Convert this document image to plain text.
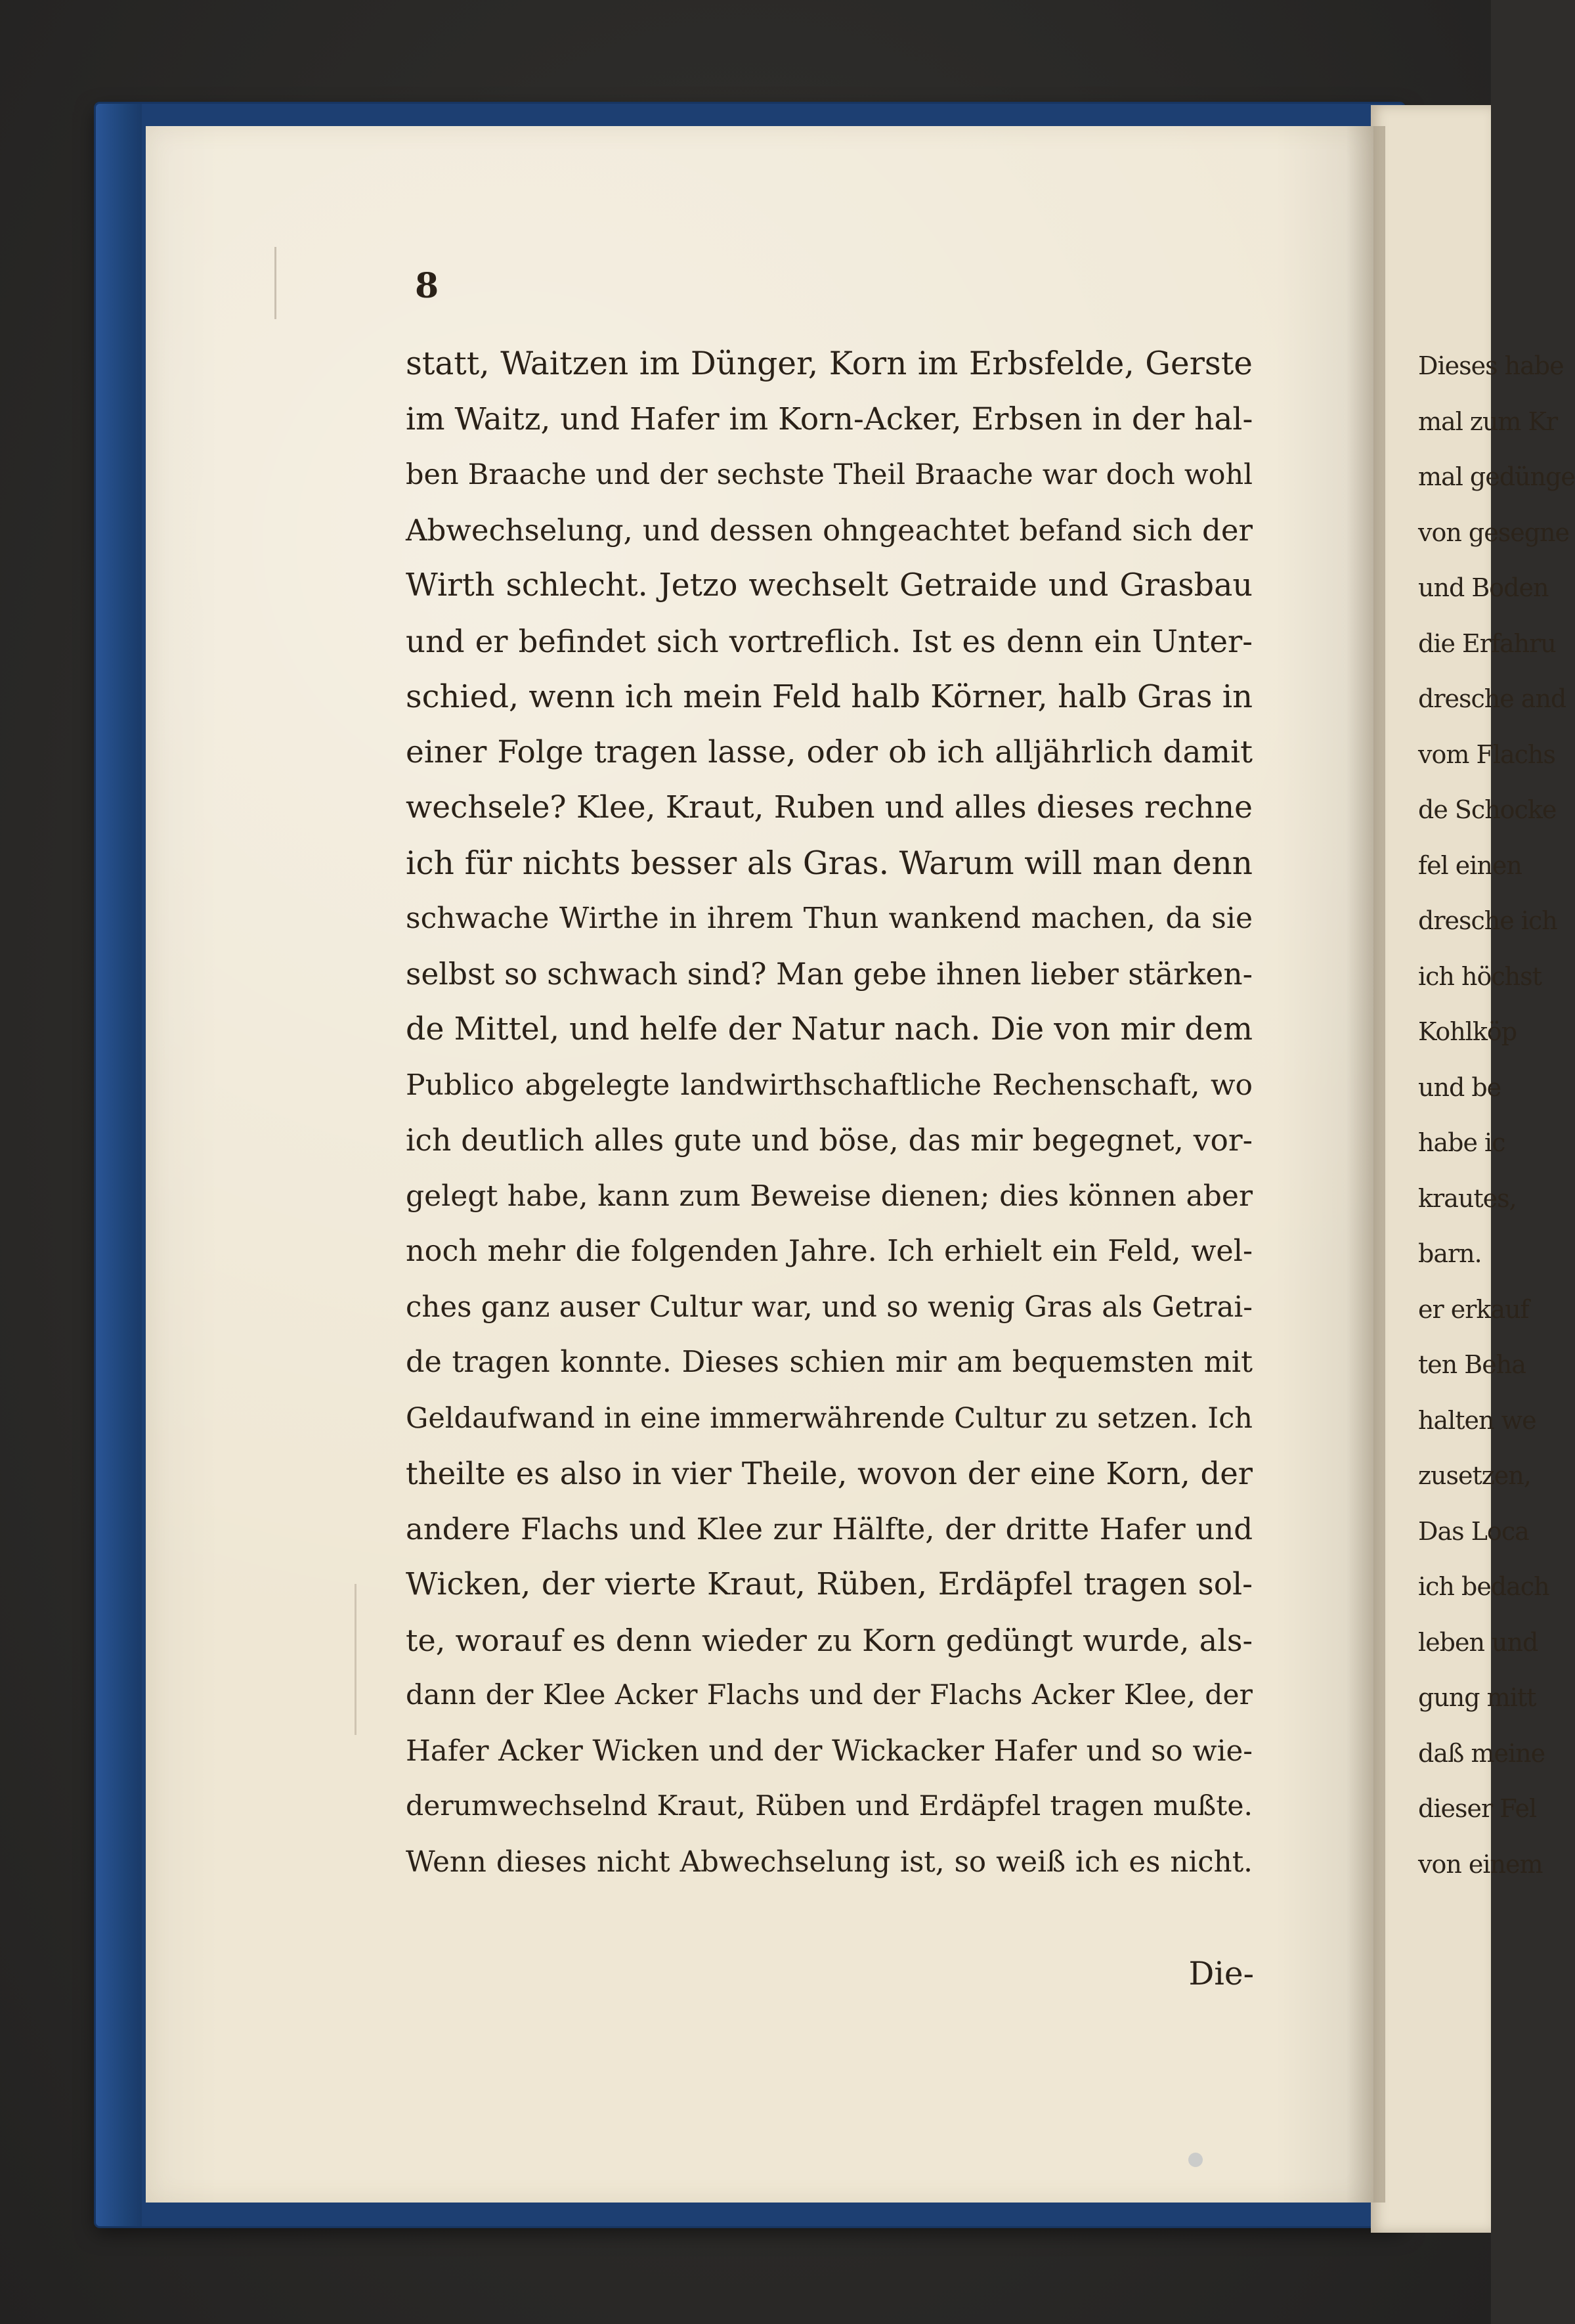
Dieses habe
mal zum Kr
mal gedünge
von gesegne
und Boden
die Erfahru
dresche and
vom Flachs
de Schocke
fel einen
dresche ich
ich höchst
Kohlköp
und be
habe ic
krautes,
barn.
er erkauf
ten Beha
halten we
zusetzen,
Das Loca
ich bedach
leben und
gung mitt
daß meine
dieser Fel
von einem
8
statt, Waitzen im Dünger, Korn im Erbsfelde, Gerste
im Waitz, und Hafer im Korn-Acker, Erbsen in der hal-
ben Braache und der sechste Theil Braache war doch wohl
Abwechselung, und dessen ohngeachtet befand sich der
Wirth schlecht. Jetzo wechselt Getraide und Grasbau
und er befindet sich vortreflich. Ist es denn ein Unter-
schied, wenn ich mein Feld halb Körner, halb Gras in
einer Folge tragen lasse, oder ob ich alljährlich damit
wechsele? Klee, Kraut, Ruben und alles dieses rechne
ich für nichts besser als Gras. Warum will man denn
schwache Wirthe in ihrem Thun wankend machen, da sie
selbst so schwach sind? Man gebe ihnen lieber stärken-
de Mittel, und helfe der Natur nach. Die von mir dem
Publico abgelegte landwirthschaftliche Rechenschaft, wo
ich deutlich alles gute und böse, das mir begegnet, vor-
gelegt habe, kann zum Beweise dienen; dies können aber
noch mehr die folgenden Jahre. Ich erhielt ein Feld, wel-
ches ganz auser Cultur war, und so wenig Gras als Getrai-
de tragen konnte. Dieses schien mir am bequemsten mit
Geldaufwand in eine immerwährende Cultur zu setzen. Ich
theilte es also in vier Theile, wovon der eine Korn, der
andere Flachs und Klee zur Hälfte, der dritte Hafer und
Wicken, der vierte Kraut, Rüben, Erdäpfel tragen sol-
te, worauf es denn wieder zu Korn gedüngt wurde, als-
dann der Klee Acker Flachs und der Flachs Acker Klee, der
Hafer Acker Wicken und der Wickacker Hafer und so wie-
derumwechselnd Kraut, Rüben und Erdäpfel tragen mußte.
Wenn dieses nicht Abwechselung ist, so weiß ich es nicht.
Die-
